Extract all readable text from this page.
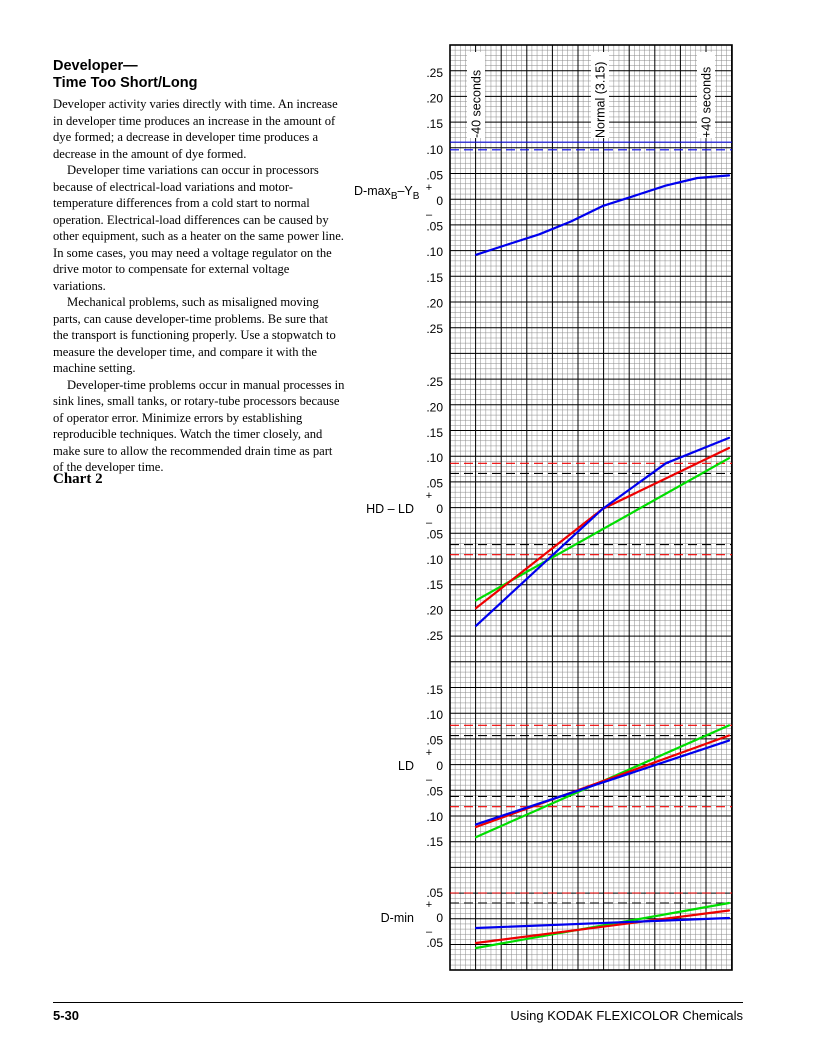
Developer—
Time Too Short/Long

Developer activity varies directly with time. An increase in developer time produces an increase in the amount of dye formed; a decrease in developer time produces a decrease in the amount of dye formed.

Developer time variations can occur in processors because of electrical-load variations and motor-temperature differences from a cold start to normal operation. Electrical-load differences can be caused by other equipment, such as a heater on the same power line. In some cases, you may need a voltage regulator on the drive motor to compensate for external voltage variations.

Mechanical problems, such as misaligned moving parts, can cause developer-time problems. Be sure that the transport is functioning properly. Use a stopwatch to measure the developer time, and compare it with the machine setting.

Developer-time problems occur in manual processes in sink lines, small tanks, or rotary-tube processors because of operator error. Minimize errors by establishing reproducible techniques. Watch the timer closely, and make sure to allow the recommended drain time as part of the developer time.

Chart 2
-40 seconds	Normal (3.15)	+40 seconds
.25
.20
.15
.10
.05
.05
.10
.15
.20
.25
0
+
–
$D-\max_B-Y_B$
.25
.20
.15
.10
.05
.05
.10
.15
.20
.25
0
+
–
HD – LD
.15
.10
.05
.05
.10
.15
0
+
–
LD
.05
.05
0
+
–
D-min
5-30	Using KODAK FLEXICOLOR Chemicals
